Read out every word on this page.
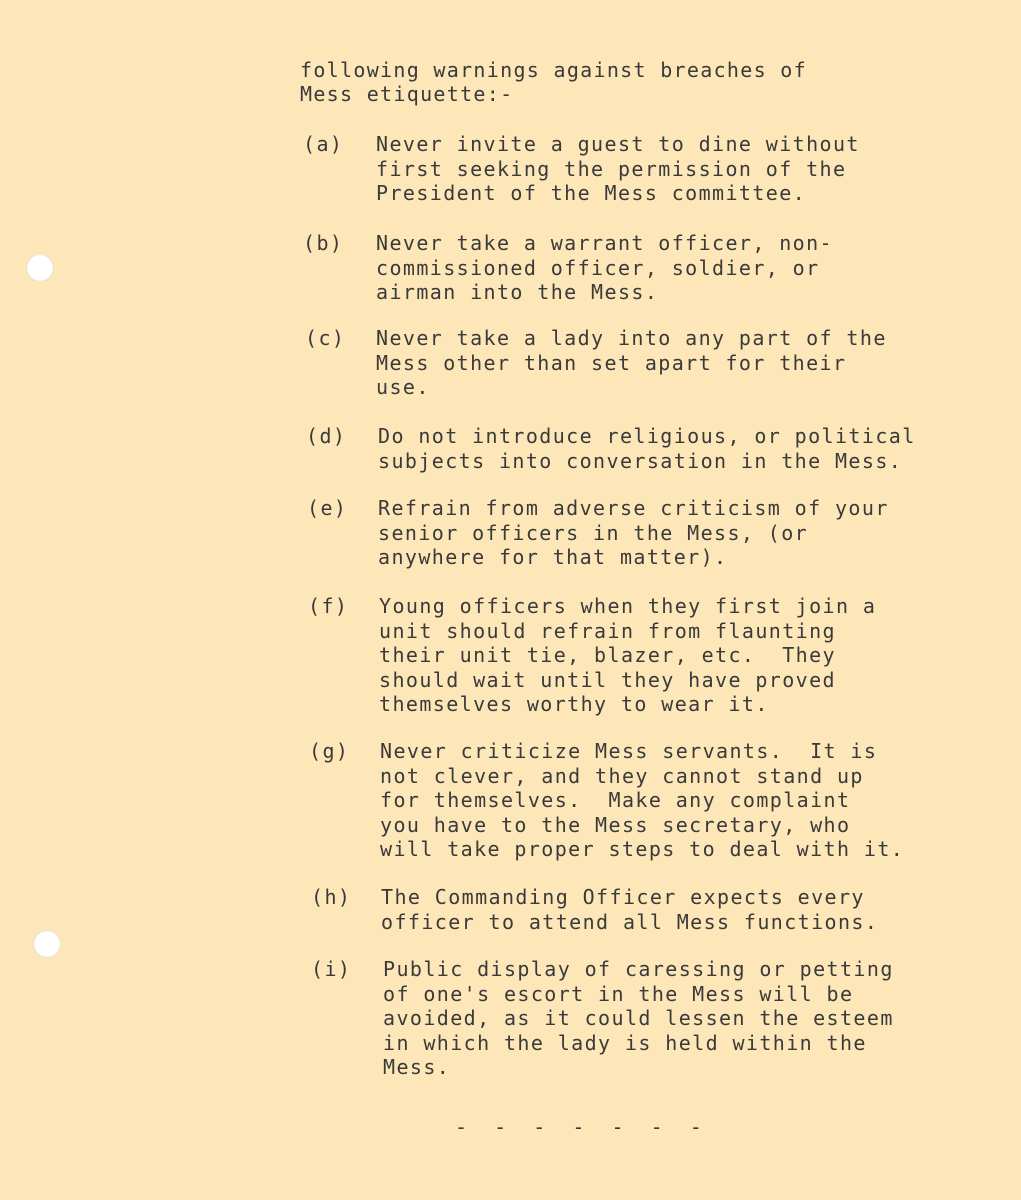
following warnings against breaches of
Mess etiquette:-
(a) Never invite a guest to dine without
first seeking the permission of the
President of the Mess committee.
(b) Never take a warrant officer, non-
commissioned officer, soldier, or
airman into the Mess.
(c) Never take a lady into any part of the
Mess other than set apart for their
use.
(d) Do not introduce religious, or political
subjects into conversation in the Mess.
(e) Refrain from adverse criticism of your
senior officers in the Mess, (or
anywhere for that matter).
(f) Young officers when they first join a
unit should refrain from flaunting
their unit tie, blazer, etc.  They
should wait until they have proved
themselves worthy to wear it.
(g) Never criticize Mess servants.  It is
not clever, and they cannot stand up
for themselves.  Make any complaint
you have to the Mess secretary, who
will take proper steps to deal with it.
(h) The Commanding Officer expects every
officer to attend all Mess functions.
(i) Public display of caressing or petting
of one's escort in the Mess will be
avoided, as it could lessen the esteem
in which the lady is held within the
Mess.
-  -  -  -  -  -  -
